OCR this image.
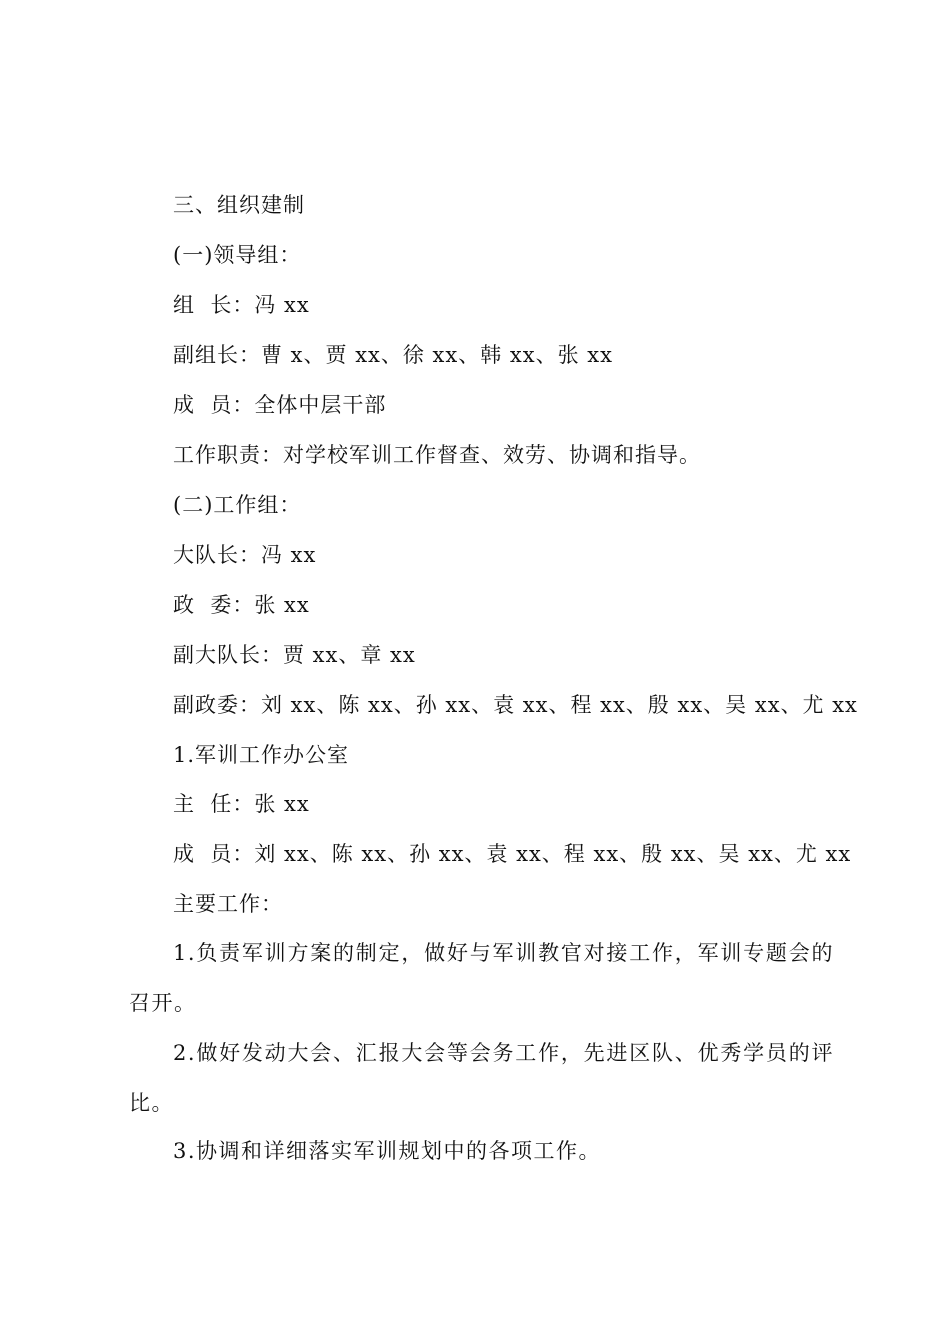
三、组织建制
(一)领导组：
组  长：冯 xx
副组长：曹 x、贾 xx、徐 xx、韩 xx、张 xx
成  员：全体中层干部
工作职责：对学校军训工作督查、效劳、协调和指导。
(二)工作组：
大队长：冯 xx
政  委：张 xx
副大队长：贾 xx、章 xx
副政委：刘 xx、陈 xx、孙 xx、袁 xx、程 xx、殷 xx、吴 xx、尤 xx
1.军训工作办公室
主  任：张 xx
成  员：刘 xx、陈 xx、孙 xx、袁 xx、程 xx、殷 xx、吴 xx、尤 xx
主要工作：
1.负责军训方案的制定，做好与军训教官对接工作，军训专题会的召开。
2.做好发动大会、汇报大会等会务工作，先进区队、优秀学员的评比。
3.协调和详细落实军训规划中的各项工作。
